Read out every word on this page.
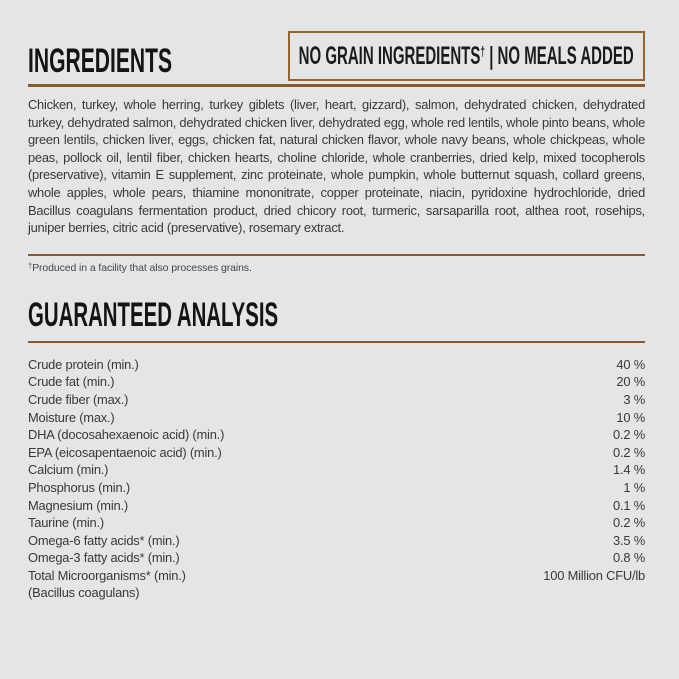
INGREDIENTS	NO GRAIN INGREDIENTS† | NO MEALS ADDED

Chicken, turkey, whole herring, turkey giblets (liver, heart, gizzard), salmon, dehydrated chicken, dehydrated turkey, dehydrated salmon, dehydrated chicken liver, dehydrated egg, whole red lentils, whole pinto beans, whole green lentils, chicken liver, eggs, chicken fat, natural chicken flavor, whole navy beans, whole chickpeas, whole peas, pollock oil, lentil fiber, chicken hearts, choline chloride, whole cranberries, dried kelp, mixed tocopherols (preservative), vitamin E supplement, zinc proteinate, whole pumpkin, whole butternut squash, collard greens, whole apples, whole pears, thiamine mononitrate, copper proteinate, niacin, pyridoxine hydrochloride, dried Bacillus coagulans fermentation product, dried chicory root, turmeric, sarsaparilla root, althea root, rosehips, juniper berries, citric acid (preservative), rosemary extract.

†Produced in a facility that also processes grains.
GUARANTEED ANALYSIS
Crude protein (min.)	40 %
Crude fat (min.)	20 %
Crude fiber (max.)	3 %
Moisture (max.)	10 %
DHA (docosahexaenoic acid) (min.)	0.2 %
EPA (eicosapentaenoic acid) (min.)	0.2 %
Calcium (min.)	1.4 %
Phosphorus (min.)	1 %
Magnesium (min.)	0.1 %
Taurine (min.)	0.2 %
Omega-6 fatty acids* (min.)	3.5 %
Omega-3 fatty acids* (min.)	0.8 %
Total Microorganisms* (min.)	100 Million CFU/lb
(Bacillus coagulans)
